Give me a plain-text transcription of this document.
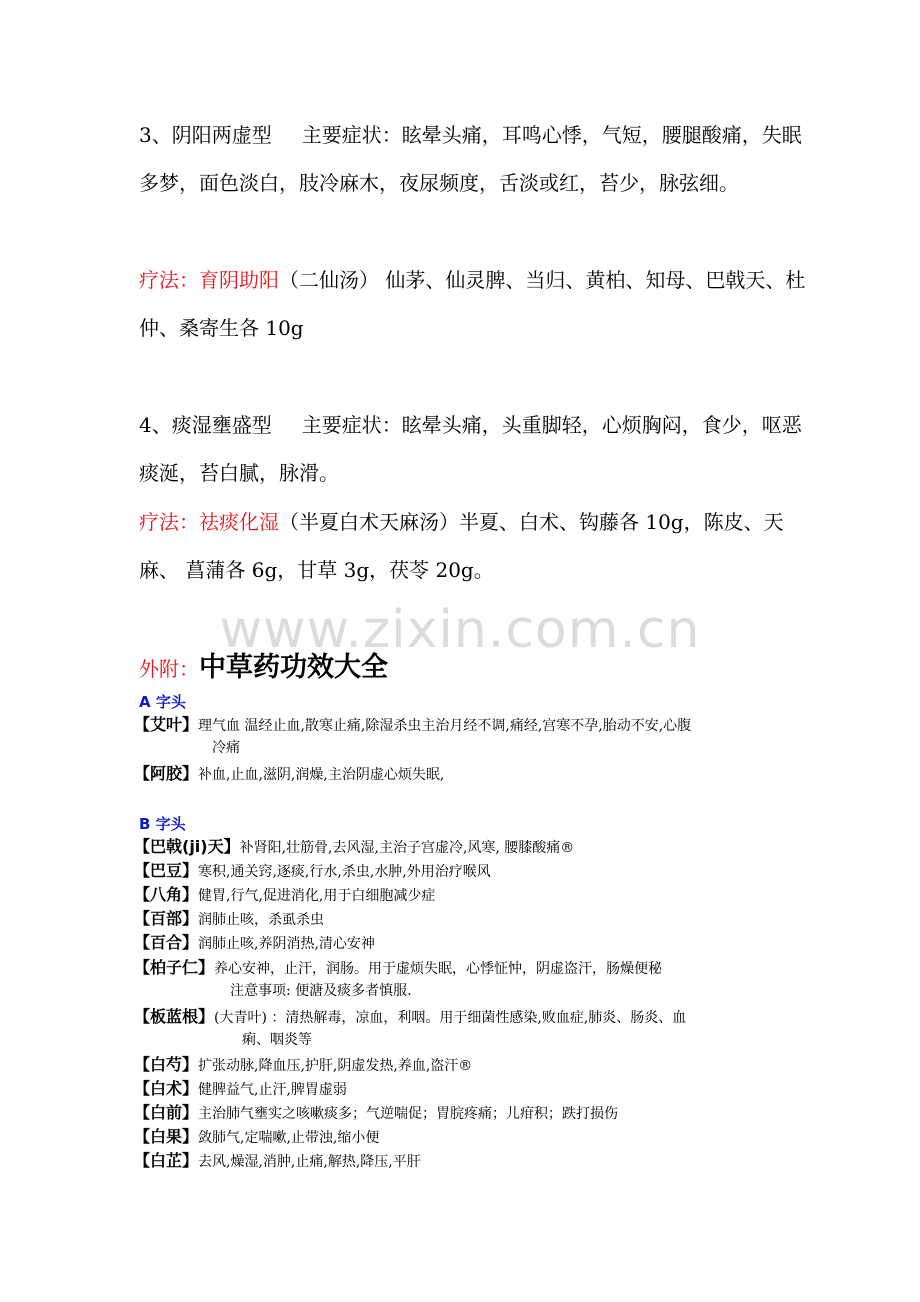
www.zixin.com.cn

3、阴阳两虚型 主要症状：眩晕头痛，耳鸣心悸，气短，腰腿酸痛，失眠多梦，面色淡白，肢冷麻木，夜尿频度，舌淡或红，苔少，脉弦细。

疗法：育阴助阳（二仙汤） 仙茅、仙灵脾、当归、黄柏、知母、巴戟天、杜仲、桑寄生各 10g

4、痰湿壅盛型 主要症状：眩晕头痛，头重脚轻，心烦胸闷，食少，呕恶痰涎，苔白腻，脉滑。

疗法：祛痰化湿（半夏白术天麻汤）半夏、白术、钩藤各 10g，陈皮、天麻、 菖蒲各 6g，甘草 3g，茯苓 20g。

外附：中草药功效大全
A 字头

【艾叶】理气血 温经止血,散寒止痛,除湿杀虫主治月经不调,痛经,宫寒不孕,胎动不安,心腹
冷痛

【阿胶】补血,止血,滋阴,润燥,主治阴虚心烦失眠,

B 字头

【巴戟(ji)天】补肾阳,壮筋骨,去风湿,主治子宫虚冷,风寒, 腰膝酸痛®

【巴豆】寒积,通关窍,逐痰,行水,杀虫,水肿,外用治疗喉风

【八角】健胃,行气,促进消化,用于白细胞减少症

【百部】润肺止咳，杀虱杀虫

【百合】润肺止咳,养阴消热,清心安神

【柏子仁】养心安神，止汗，润肠。用于虚烦失眠，心悸怔忡，阴虚盗汗，肠燥便秘
注意事项: 便溏及痰多者慎服.

【板蓝根】(大青叶) ：清热解毒，凉血，利咽。用于细菌性感染,败血症,肺炎、肠炎、血
痢、咽炎等

【白芍】扩张动脉,降血压,护肝,阴虚发热,养血,盗汗®

【白术】健脾益气,止汗,脾胃虚弱

【白前】主治肺气壅实之咳嗽痰多；气逆喘促；胃脘疼痛；儿疳积；跌打损伤

【白果】敛肺气,定喘嗽,止带浊,缩小便

【白芷】去风,燥湿,消肿,止痛,解热,降压,平肝
